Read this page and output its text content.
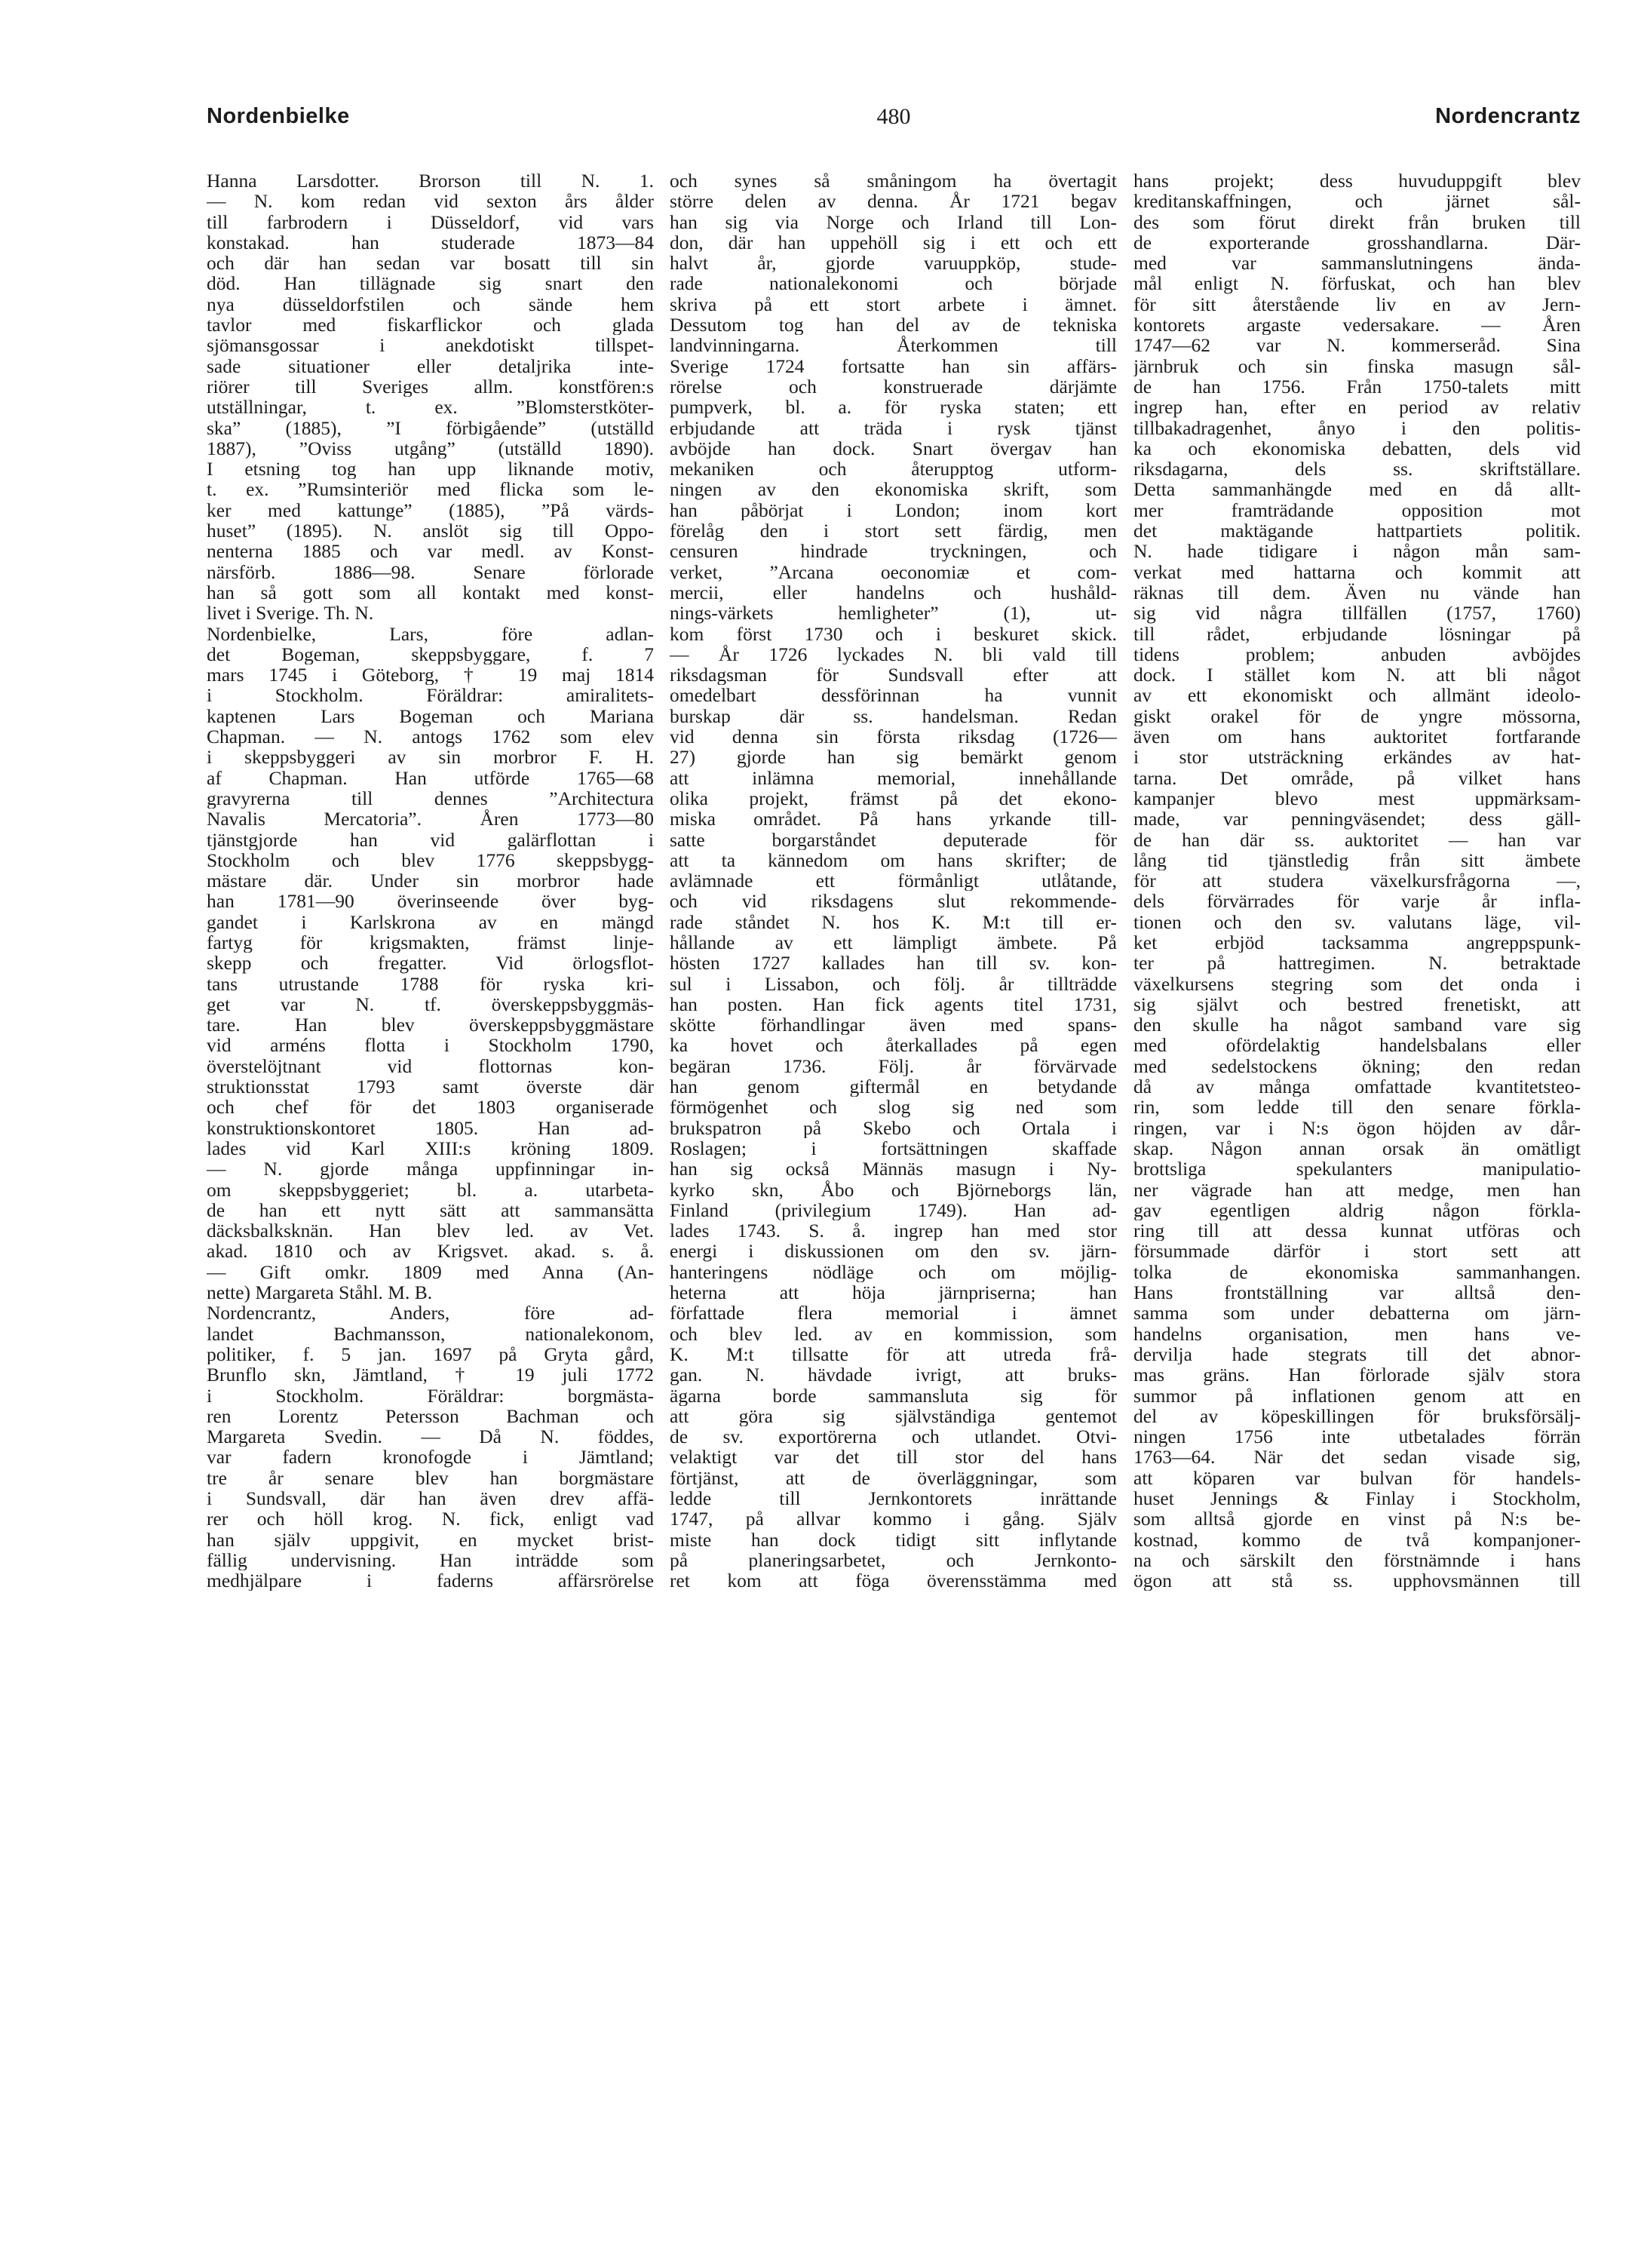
Nordenbielke	480	Nordencrantz
Hanna Larsdotter. Brorson till N. 1.
— N. kom redan vid sexton års ålder
till farbrodern i Düsseldorf, vid vars
konstakad. han studerade 1873—84
och där han sedan var bosatt till sin
död. Han tillägnade sig snart den
nya düsseldorfstilen och sände hem
tavlor med fiskarflickor och glada
sjömansgossar i anekdotiskt tillspet-
sade situationer eller detaljrika inte-
riörer till Sveriges allm. konstfören:s
utställningar, t. ex. ”Blomsterstköter-
ska” (1885), ”I förbigående” (utställd
1887), ”Oviss utgång” (utställd 1890).
I etsning tog han upp liknande motiv,
t. ex. ”Rumsinteriör med flicka som le-
ker med kattunge” (1885), ”På värds-
huset” (1895). N. anslöt sig till Oppo-
nenterna 1885 och var medl. av Konst-
närsförb. 1886—98. Senare förlorade
han så gott som all kontakt med konst-
livet i Sverige. Th. N.
Nordenbielke, Lars, före adlan-
det Bogeman, skeppsbyggare, f. 7
mars 1745 i Göteborg, † 19 maj 1814
i Stockholm. Föräldrar: amiralitets-
kaptenen Lars Bogeman och Mariana
Chapman. — N. antogs 1762 som elev
i skeppsbyggeri av sin morbror F. H.
af Chapman. Han utförde 1765—68
gravyrerna till dennes ”Architectura
Navalis Mercatoria”. Åren 1773—80
tjänstgjorde han vid galärflottan i
Stockholm och blev 1776 skeppsbygg-
mästare där. Under sin morbror hade
han 1781—90 överinseende över byg-
gandet i Karlskrona av en mängd
fartyg för krigsmakten, främst linje-
skepp och fregatter. Vid örlogsflot-
tans utrustande 1788 för ryska kri-
get var N. tf. överskeppsbyggmäs-
tare. Han blev överskeppsbyggmästare
vid arméns flotta i Stockholm 1790,
överstelöjtnant vid flottornas kon-
struktionsstat 1793 samt överste där
och chef för det 1803 organiserade
konstruktionskontoret 1805. Han ad-
lades vid Karl XIII:s kröning 1809.
— N. gjorde många uppfinningar in-
om skeppsbyggeriet; bl. a. utarbeta-
de han ett nytt sätt att sammansätta
däcksbalksknän. Han blev led. av Vet.
akad. 1810 och av Krigsvet. akad. s. å.
— Gift omkr. 1809 med Anna (An-
nette) Margareta Ståhl. M. B.
Nordencrantz, Anders, före ad-
landet Bachmansson, nationalekonom,
politiker, f. 5 jan. 1697 på Gryta gård,
Brunflo skn, Jämtland, † 19 juli 1772
i Stockholm. Föräldrar: borgmästa-
ren Lorentz Petersson Bachman och
Margareta Svedin. — Då N. föddes,
var fadern kronofogde i Jämtland;
tre år senare blev han borgmästare
i Sundsvall, där han även drev affä-
rer och höll krog. N. fick, enligt vad
han själv uppgivit, en mycket brist-
fällig undervisning. Han inträdde som
medhjälpare i faderns affärsrörelse
och synes så småningom ha övertagit
större delen av denna. År 1721 begav
han sig via Norge och Irland till Lon-
don, där han uppehöll sig i ett och ett
halvt år, gjorde varuuppköp, stude-
rade nationalekonomi och började
skriva på ett stort arbete i ämnet.
Dessutom tog han del av de tekniska
landvinningarna. Återkommen till
Sverige 1724 fortsatte han sin affärs-
rörelse och konstruerade därjämte
pumpverk, bl. a. för ryska staten; ett
erbjudande att träda i rysk tjänst
avböjde han dock. Snart övergav han
mekaniken och återupptog utform-
ningen av den ekonomiska skrift, som
han påbörjat i London; inom kort
förelåg den i stort sett färdig, men
censuren hindrade tryckningen, och
verket, ”Arcana oeconomiæ et com-
mercii, eller handelns och hushåld-
nings-värkets hemligheter” (1), ut-
kom först 1730 och i beskuret skick.
— År 1726 lyckades N. bli vald till
riksdagsman för Sundsvall efter att
omedelbart dessförinnan ha vunnit
burskap där ss. handelsman. Redan
vid denna sin första riksdag (1726—
27) gjorde han sig bemärkt genom
att inlämna memorial, innehållande
olika projekt, främst på det ekono-
miska området. På hans yrkande till-
satte borgarståndet deputerade för
att ta kännedom om hans skrifter; de
avlämnade ett förmånligt utlåtande,
och vid riksdagens slut rekommende-
rade ståndet N. hos K. M:t till er-
hållande av ett lämpligt ämbete. På
hösten 1727 kallades han till sv. kon-
sul i Lissabon, och följ. år tillträdde
han posten. Han fick agents titel 1731,
skötte förhandlingar även med spans-
ka hovet och återkallades på egen
begäran 1736. Följ. år förvärvade
han genom giftermål en betydande
förmögenhet och slog sig ned som
brukspatron på Skebo och Ortala i
Roslagen; i fortsättningen skaffade
han sig också Männäs masugn i Ny-
kyrko skn, Åbo och Björneborgs län,
Finland (privilegium 1749). Han ad-
lades 1743. S. å. ingrep han med stor
energi i diskussionen om den sv. järn-
hanteringens nödläge och om möjlig-
heterna att höja järnpriserna; han
författade flera memorial i ämnet
och blev led. av en kommission, som
K. M:t tillsatte för att utreda frå-
gan. N. hävdade ivrigt, att bruks-
ägarna borde sammansluta sig för
att göra sig självständiga gentemot
de sv. exportörerna och utlandet. Otvi-
velaktigt var det till stor del hans
förtjänst, att de överläggningar, som
ledde till Jernkontorets inrättande
1747, på allvar kommo i gång. Själv
miste han dock tidigt sitt inflytande
på planeringsarbetet, och Jernkonto-
ret kom att föga överensstämma med
hans projekt; dess huvuduppgift blev
kreditanskaffningen, och järnet sål-
des som förut direkt från bruken till
de exporterande grosshandlarna. Där-
med var sammanslutningens ända-
mål enligt N. förfuskat, och han blev
för sitt återstående liv en av Jern-
kontorets argaste vedersakare. — Åren
1747—62 var N. kommerseråd. Sina
järnbruk och sin finska masugn sål-
de han 1756. Från 1750-talets mitt
ingrep han, efter en period av relativ
tillbakadragenhet, ånyo i den politis-
ka och ekonomiska debatten, dels vid
riksdagarna, dels ss. skriftställare.
Detta sammanhängde med en då allt-
mer framträdande opposition mot
det maktägande hattpartiets politik.
N. hade tidigare i någon mån sam-
verkat med hattarna och kommit att
räknas till dem. Även nu vände han
sig vid några tillfällen (1757, 1760)
till rådet, erbjudande lösningar på
tidens problem; anbuden avböjdes
dock. I stället kom N. att bli något
av ett ekonomiskt och allmänt ideolo-
giskt orakel för de yngre mössorna,
även om hans auktoritet fortfarande
i stor utsträckning erkändes av hat-
tarna. Det område, på vilket hans
kampanjer blevo mest uppmärksam-
made, var penningväsendet; dess gäll-
de han där ss. auktoritet — han var
lång tid tjänstledig från sitt ämbete
för att studera växelkursfrågorna —,
dels förvärrades för varje år infla-
tionen och den sv. valutans läge, vil-
ket erbjöd tacksamma angreppspunk-
ter på hattregimen. N. betraktade
växelkursens stegring som det onda i
sig självt och bestred frenetiskt, att
den skulle ha något samband vare sig
med ofördelaktig handelsbalans eller
med sedelstockens ökning; den redan
då av många omfattade kvantitetsteo-
rin, som ledde till den senare förkla-
ringen, var i N:s ögon höjden av dår-
skap. Någon annan orsak än omätligt
brottsliga spekulanters manipulatio-
ner vägrade han att medge, men han
gav egentligen aldrig någon förkla-
ring till att dessa kunnat utföras och
försummade därför i stort sett att
tolka de ekonomiska sammanhangen.
Hans frontställning var alltså den-
samma som under debatterna om järn-
handelns organisation, men hans ve-
dervilja hade stegrats till det abnor-
mas gräns. Han förlorade själv stora
summor på inflationen genom att en
del av köpeskillingen för bruksförsälj-
ningen 1756 inte utbetalades förrän
1763—64. När det sedan visade sig,
att köparen var bulvan för handels-
huset Jennings & Finlay i Stockholm,
som alltså gjorde en vinst på N:s be-
kostnad, kommo de två kompanjoner-
na och särskilt den förstnämnde i hans
ögon att stå ss. upphovsmännen till
